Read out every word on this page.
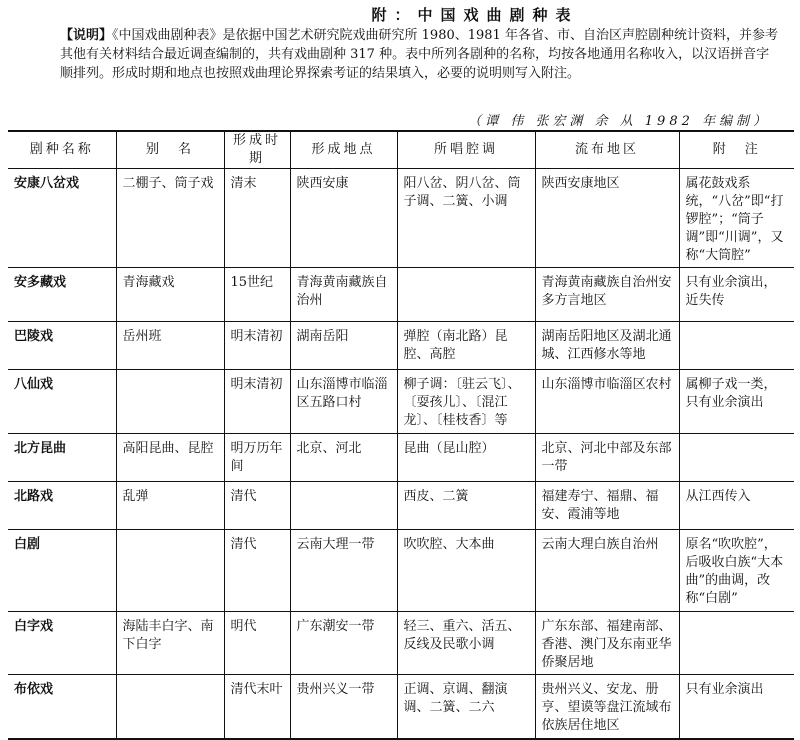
附：中国戏曲剧种表
【说明】《中国戏曲剧种表》是依据中国艺术研究院戏曲研究所 1980、1981 年各省、市、自治区声腔剧种统计资料，并参考其他有关材料结合最近调查编制的，共有戏曲剧种 317 种。表中所列各剧种的名称，均按各地通用名称收入，以汉语拼音字顺排列。形成时期和地点也按照戏曲理论界探索考证的结果填入，必要的说明则写入附注。
（谭 伟 张宏渊 余 从 1982 年编制）
剧种名称	别　名	形成时期	形成地点	所唱腔调	流布地区	附　注
安康八岔戏	二棚子、筒子戏	清末	陕西安康	阳八岔、阴八岔、筒子调、二簧、小调	陕西安康地区	属花鼓戏系统，“八岔”即“打锣腔”；“筒子调”即“川调”，又称“大筒腔”
安多藏戏	青海藏戏	15世纪	青海黄南藏族自治州		青海黄南藏族自治州安多方言地区	只有业余演出，近失传
巴陵戏	岳州班	明末清初	湖南岳阳	弹腔（南北路）昆腔、高腔	湖南岳阳地区及湖北通城、江西修水等地	
八仙戏		明末清初	山东淄博市临淄区五路口村	柳子调：〔驻云飞〕、〔耍孩儿〕、〔混江龙〕、〔桂枝香〕等	山东淄博市临淄区农村	属柳子戏一类，只有业余演出
北方昆曲	高阳昆曲、昆腔	明万历年间	北京、河北	昆曲（昆山腔）	北京、河北中部及东部一带	
北路戏	乱弹	清代		西皮、二簧	福建寿宁、福鼎、福安、霞浦等地	从江西传入
白剧		清代	云南大理一带	吹吹腔、大本曲	云南大理白族自治州	原名“吹吹腔”，后吸收白族“大本曲”的曲调，改称“白剧”
白字戏	海陆丰白字、南下白字	明代	广东潮安一带	轻三、重六、活五、反线及民歌小调	广东东部、福建南部、香港、澳门及东南亚华侨聚居地	
布依戏		清代末叶	贵州兴义一带	正调、京调、翻演调、二簧、二六	贵州兴义、安龙、册亨、望谟等盘江流域布依族居住地区	只有业余演出
